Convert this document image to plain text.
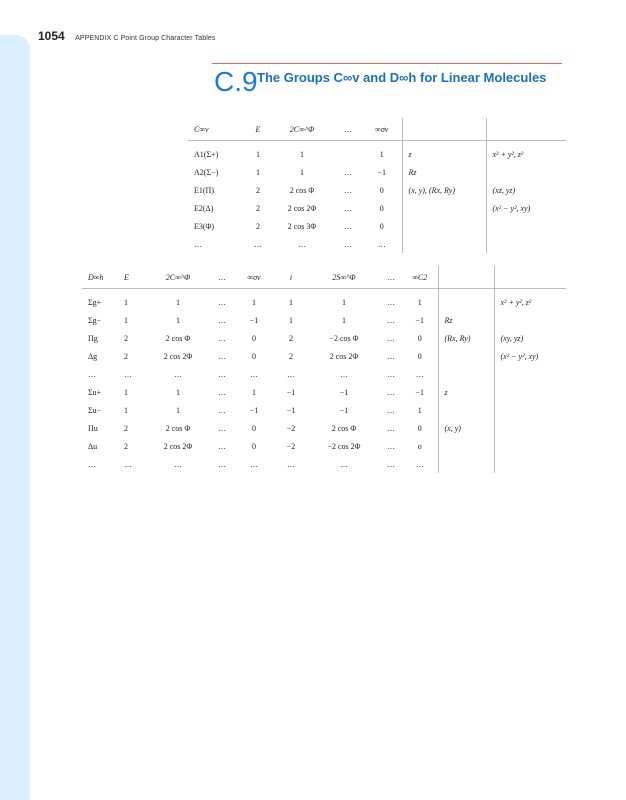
1054 APPENDIX C Point Group Character Tables
C.9 The Groups C∞v and D∞h for Linear Molecules
C∞v	E	2C∞^Φ	…	∞σv		

A1(Σ+)	1	1		1	z	x² + y², z²
A2(Σ−)	1	1	…	−1	Rz	
E1(Π)	2	2 cos Φ	…	0	(x, y), (Rx, Ry)	(xz, yz)
E2(Δ)	2	2 cos 2Φ	…	0		(x² − y², xy)
E3(Φ)	2	2 cos 3Φ	…	0		
…	…	…	…	…		
D∞h	E	2C∞^Φ	…	∞σv	i	2S∞^Φ	…	∞C2		

Σg+	1	1	…	1	1	1	…	1		x² + y², z²
Σg−	1	1	…	−1	1	1	…	−1	Rz	
Πg	2	2 cos Φ	…	0	2	−2 cos Φ	…	0	(Rx, Ry)	(xy, yz)
Δg	2	2 cos 2Φ	…	0	2	2 cos 2Φ	…	0		(x² − y², xy)
…	…	…	…	…	…	…	…	…		
Σu+	1	1	…	1	−1	−1	…	−1	z	
Σu−	1	1	…	−1	−1	−1	…	1		
Πu	2	2 cos Φ	…	0	−2	2 cos Φ	…	0	(x, y)	
Δu	2	2 cos 2Φ	…	0	−2	−2 cos 2Φ	…	o		
…	…	…	…	…	…	…	…	…		
